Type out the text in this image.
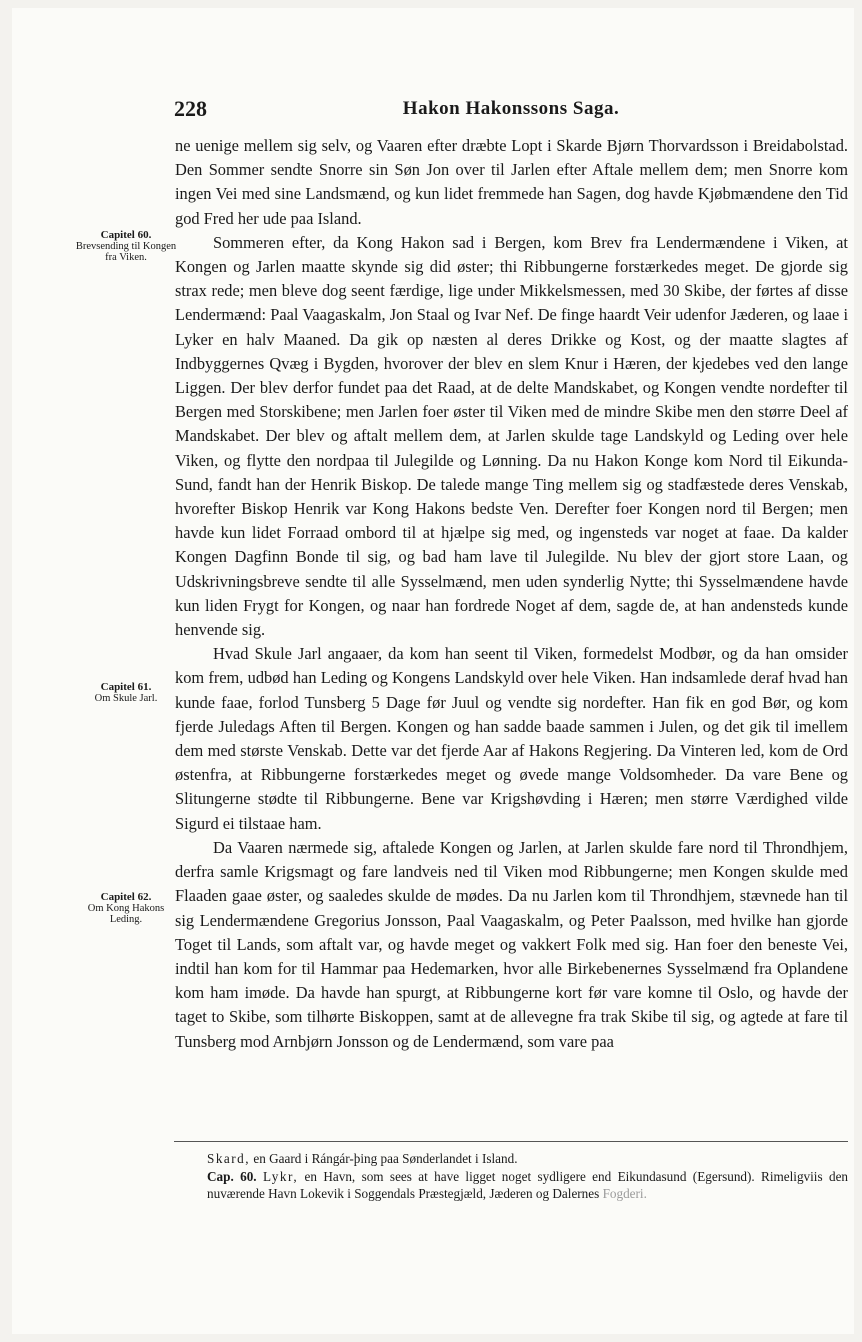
228	Hakon Hakonssons Saga.
Capitel 60.
Brevsending til Kongen fra Viken.
Capitel 61.
Om Skule Jarl.
Capitel 62.
Om Kong Hakons Leding.

ne uenige mellem sig selv, og Vaaren efter dræbte Lopt i Skarde Bjørn Thorvardsson i Breidabolstad. Den Sommer sendte Snorre sin Søn Jon over til Jarlen efter Aftale mellem dem; men Snorre kom ingen Vei med sine Landsmænd, og kun lidet fremmede han Sagen, dog havde Kjøbmændene den Tid god Fred her ude paa Island.

Sommeren efter, da Kong Hakon sad i Bergen, kom Brev fra Lendermændene i Viken, at Kongen og Jarlen maatte skynde sig did øster; thi Ribbungerne forstærkedes meget. De gjorde sig strax rede; men bleve dog seent færdige, lige under Mikkelsmessen, med 30 Skibe, der førtes af disse Lendermænd: Paal Vaagaskalm, Jon Staal og Ivar Nef. De finge haardt Veir udenfor Jæderen, og laae i Lyker en halv Maaned. Da gik op næsten al deres Drikke og Kost, og der maatte slagtes af Indbyggernes Qvæg i Bygden, hvorover der blev en slem Knur i Hæren, der kjedebes ved den lange Liggen. Der blev derfor fundet paa det Raad, at de delte Mandskabet, og Kongen vendte nordefter til Bergen med Storskibene; men Jarlen foer øster til Viken med de mindre Skibe men den større Deel af Mandskabet. Der blev og aftalt mellem dem, at Jarlen skulde tage Landskyld og Leding over hele Viken, og flytte den nordpaa til Julegilde og Lønning. Da nu Hakon Konge kom Nord til Eikunda-Sund, fandt han der Henrik Biskop. De talede mange Ting mellem sig og stadfæstede deres Venskab, hvorefter Biskop Henrik var Kong Hakons bedste Ven. Derefter foer Kongen nord til Bergen; men havde kun lidet Forraad ombord til at hjælpe sig med, og ingensteds var noget at faae. Da kalder Kongen Dagfinn Bonde til sig, og bad ham lave til Julegilde. Nu blev der gjort store Laan, og Udskrivningsbreve sendte til alle Sysselmænd, men uden synderlig Nytte; thi Sysselmændene havde kun liden Frygt for Kongen, og naar han fordrede Noget af dem, sagde de, at han andensteds kunde henvende sig.

Hvad Skule Jarl angaaer, da kom han seent til Viken, formedelst Modbør, og da han omsider kom frem, udbød han Leding og Kongens Landskyld over hele Viken. Han indsamlede deraf hvad han kunde faae, forlod Tunsberg 5 Dage før Juul og vendte sig nordefter. Han fik en god Bør, og kom fjerde Juledags Aften til Bergen. Kongen og han sadde baade sammen i Julen, og det gik til imellem dem med største Venskab. Dette var det fjerde Aar af Hakons Regjering. Da Vinteren led, kom de Ord østenfra, at Ribbungerne forstærkedes meget og øvede mange Voldsomheder. Da vare Bene og Slitungerne stødte til Ribbungerne. Bene var Krigshøvding i Hæren; men større Værdighed vilde Sigurd ei tilstaae ham.

Da Vaaren nærmede sig, aftalede Kongen og Jarlen, at Jarlen skulde fare nord til Throndhjem, derfra samle Krigsmagt og fare landveis ned til Viken mod Ribbungerne; men Kongen skulde med Flaaden gaae øster, og saaledes skulde de mødes. Da nu Jarlen kom til Throndhjem, stævnede han til sig Lendermændene Gregorius Jonsson, Paal Vaagaskalm, og Peter Paalsson, med hvilke han gjorde Toget til Lands, som aftalt var, og havde meget og vakkert Folk med sig. Han foer den beneste Vei, indtil han kom for til Hammar paa Hedemarken, hvor alle Birkebenernes Sysselmænd fra Oplandene kom ham imøde. Da havde han spurgt, at Ribbungerne kort før vare komne til Oslo, og havde der taget to Skibe, som tilhørte Biskoppen, samt at de allevegne fra trak Skibe til sig, og agtede at fare til Tunsberg mod Arnbjørn Jonsson og de Lendermænd, som vare paa

Skard, en Gaard i Rángár-þing paa Sønderlandet i Island.

Cap. 60. Lykr, en Havn, som sees at have ligget noget sydligere end Eikundasund (Egersund). Rimeligviis den nuværende Havn Lokevik i Soggendals Præstegjæld, Jæderen og Dalernes Fogderi.
